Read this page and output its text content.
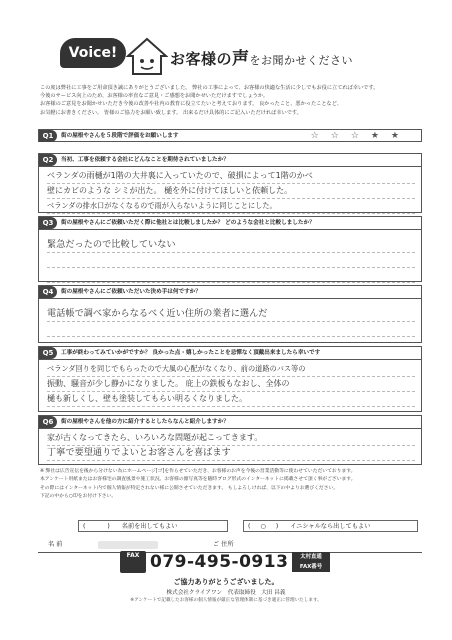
Voice!	お客様の声をお聞かせください

この度は弊社に工事をご用命頂き誠にありがとうございました。 弊社の工事によって、お客様の快適な生活に少しでもお役に立てれば幸いです。

今後のサービス向上のため、お客様の率直なご意見・ご感想をお聞かせいただけますでしょうか。

お客様のご意見をお聞かせいただき今後の改善や社内の教育に役立てたいと考えております。 良かったこと、悪かったことなど、

お気軽にお書きください。 皆様のご協力をお願い致します。 出来るだけ具体的にご記入いただければ幸いです。

Q1	街の屋根やさんを５段階で評価をお願いします	☆☆☆★★
Q2	当初、工事を依頼する会社にどんなことを期待されていましたか？
ベランダの雨樋が1階の大井裏に入っていたので、破損によって1階のかべ
壁にカビのような シミが出た。 樋を外に付けてほしいと依頼した。
ベランダの排水口がなくなるので雨が入らないように同じことにした。
Q3	街の屋根やさんにご依頼いただく際に他社とは比較しましたか？ どのような会社と比較しましたか？
緊急だったので比較していない
Q4	街の屋根やさんにご依頼いただいた決め手は何ですか？
電話帳で調べ家からなるべく近い住所の業者に選んだ
Q5	工事が終わってみていかがですか？ 良かった点・嬉しかったことを忌憚なく頂戴出来ましたら幸いです
ベランダ回りを同じでもらったので大風の心配がなくなり、前の道路のバス等の
振動、騒音が少し静かになりました。 庇上の鉄板もなおし、全体の
樋も新しくし、壁も塗装してもらい明るくなりました。
Q6	街の屋根やさんを他の方に紹介するとしたらなんと紹介しますか？
家が古くなってきたら、いろいろな問題が起こってきます。
丁寧で要望通りでよいとお客さんを喜ばます

※ 弊社は広告宣伝を後から分けない為にホームページ[ゴ]を作らせていただき、お客様のお声を今後の営業活動等に使わせていただいております。

本アンケート用紙またはお客様宅の調査風景や施工状況、お客様の顔写真等を随時ブログ形式のインターネットに掲載させて頂く事がございます。

その際にはインターネット内で個人情報が特定されない様に公開させていただきます。 もしよろしければ、以下の中よりお選びください。

下記の中から○印をお付け下さい。

( ) 名前を出してもよい	(○) イニシャルなら出してもよい
名 前	ご 住所
FAX 079-495-0913	太村直通
FAX番号
ご協力ありがとうございました。
株式会社クライアワン　代表取締役　大田 昌義
※アンケートで記載したお客様の個人情報が厳正な管理体制に基づき適正に管理いたします。
